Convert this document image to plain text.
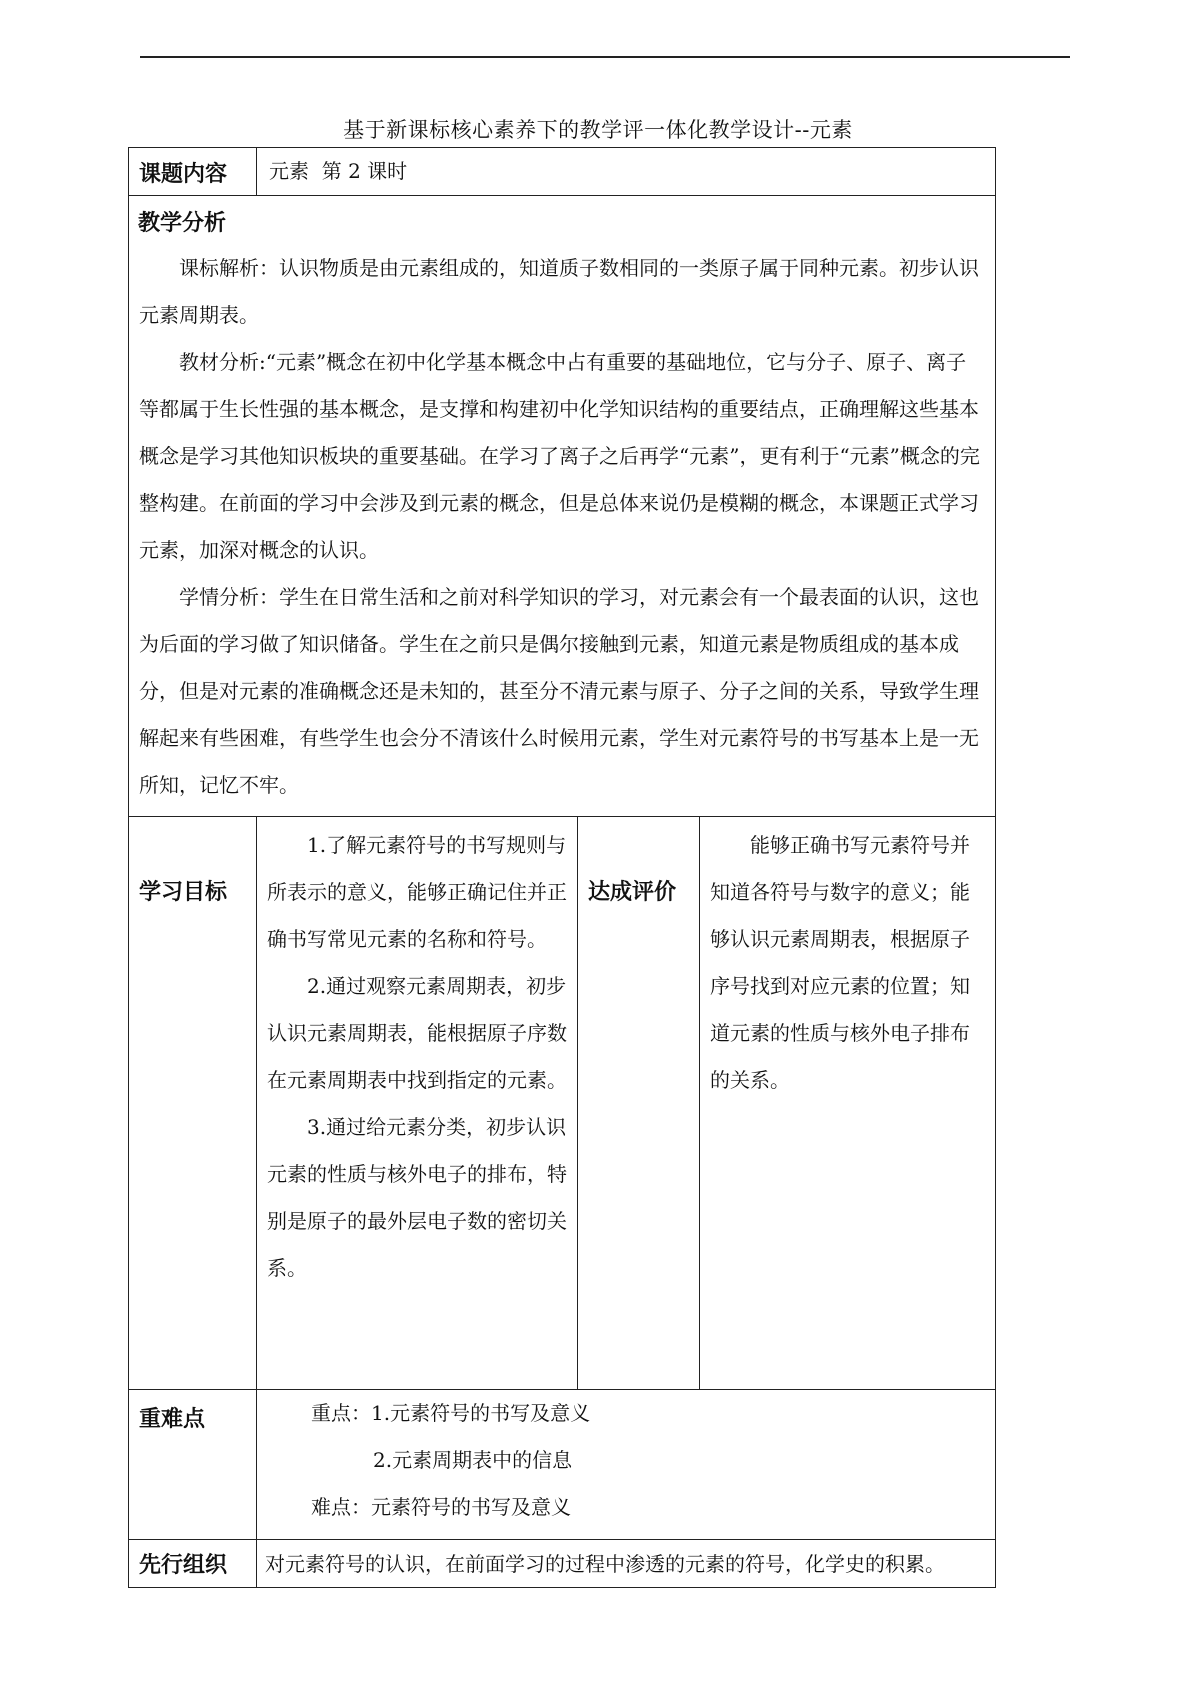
基于新课标核心素养下的教学评一体化教学设计--元素
课题内容	元素  第 2 课时		

教学分析

课标解析：认识物质是由元素组成的，知道质子数相同的一类原子属于同种元素。初步认识元素周期表。

教材分析:“元素”概念在初中化学基本概念中占有重要的基础地位，它与分子、原子、离子等都属于生长性强的基本概念，是支撑和构建初中化学知识结构的重要结点，正确理解这些基本概念是学习其他知识板块的重要基础。在学习了离子之后再学“元素”，更有利于“元素”概念的完整构建。在前面的学习中会涉及到元素的概念，但是总体来说仍是模糊的概念，本课题正式学习元素，加深对概念的认识。

学情分析：学生在日常生活和之前对科学知识的学习，对元素会有一个最表面的认识，这也为后面的学习做了知识储备。学生在之前只是偶尔接触到元素，知道元素是物质组成的基本成分，但是对元素的准确概念还是未知的，甚至分不清元素与原子、分子之间的关系，导致学生理解起来有些困难，有些学生也会分不清该什么时候用元素，学生对元素符号的书写基本上是一无所知，记忆不牢。			

学习目标	1.了解元素符号的书写规则与所表示的意义，能够正确记住并正确书写常见元素的名称和符号。

2.通过观察元素周期表，初步认识元素周期表，能根据原子序数在元素周期表中找到指定的元素。

3.通过给元素分类，初步认识元素的性质与核外电子的排布，特别是原子的最外层电子数的密切关系。	达成评价	能够正确书写元素符号并知道各符号与数字的意义；能够认识元素周期表，根据原子序号找到对应元素的位置；知道元素的性质与核外电子排布的关系。

重难点	重点：1.元素符号的书写及意义

2.元素周期表中的信息

难点：元素符号的书写及意义		

先行组织	对元素符号的认识，在前面学习的过程中渗透的元素的符号，化学史的积累。		
